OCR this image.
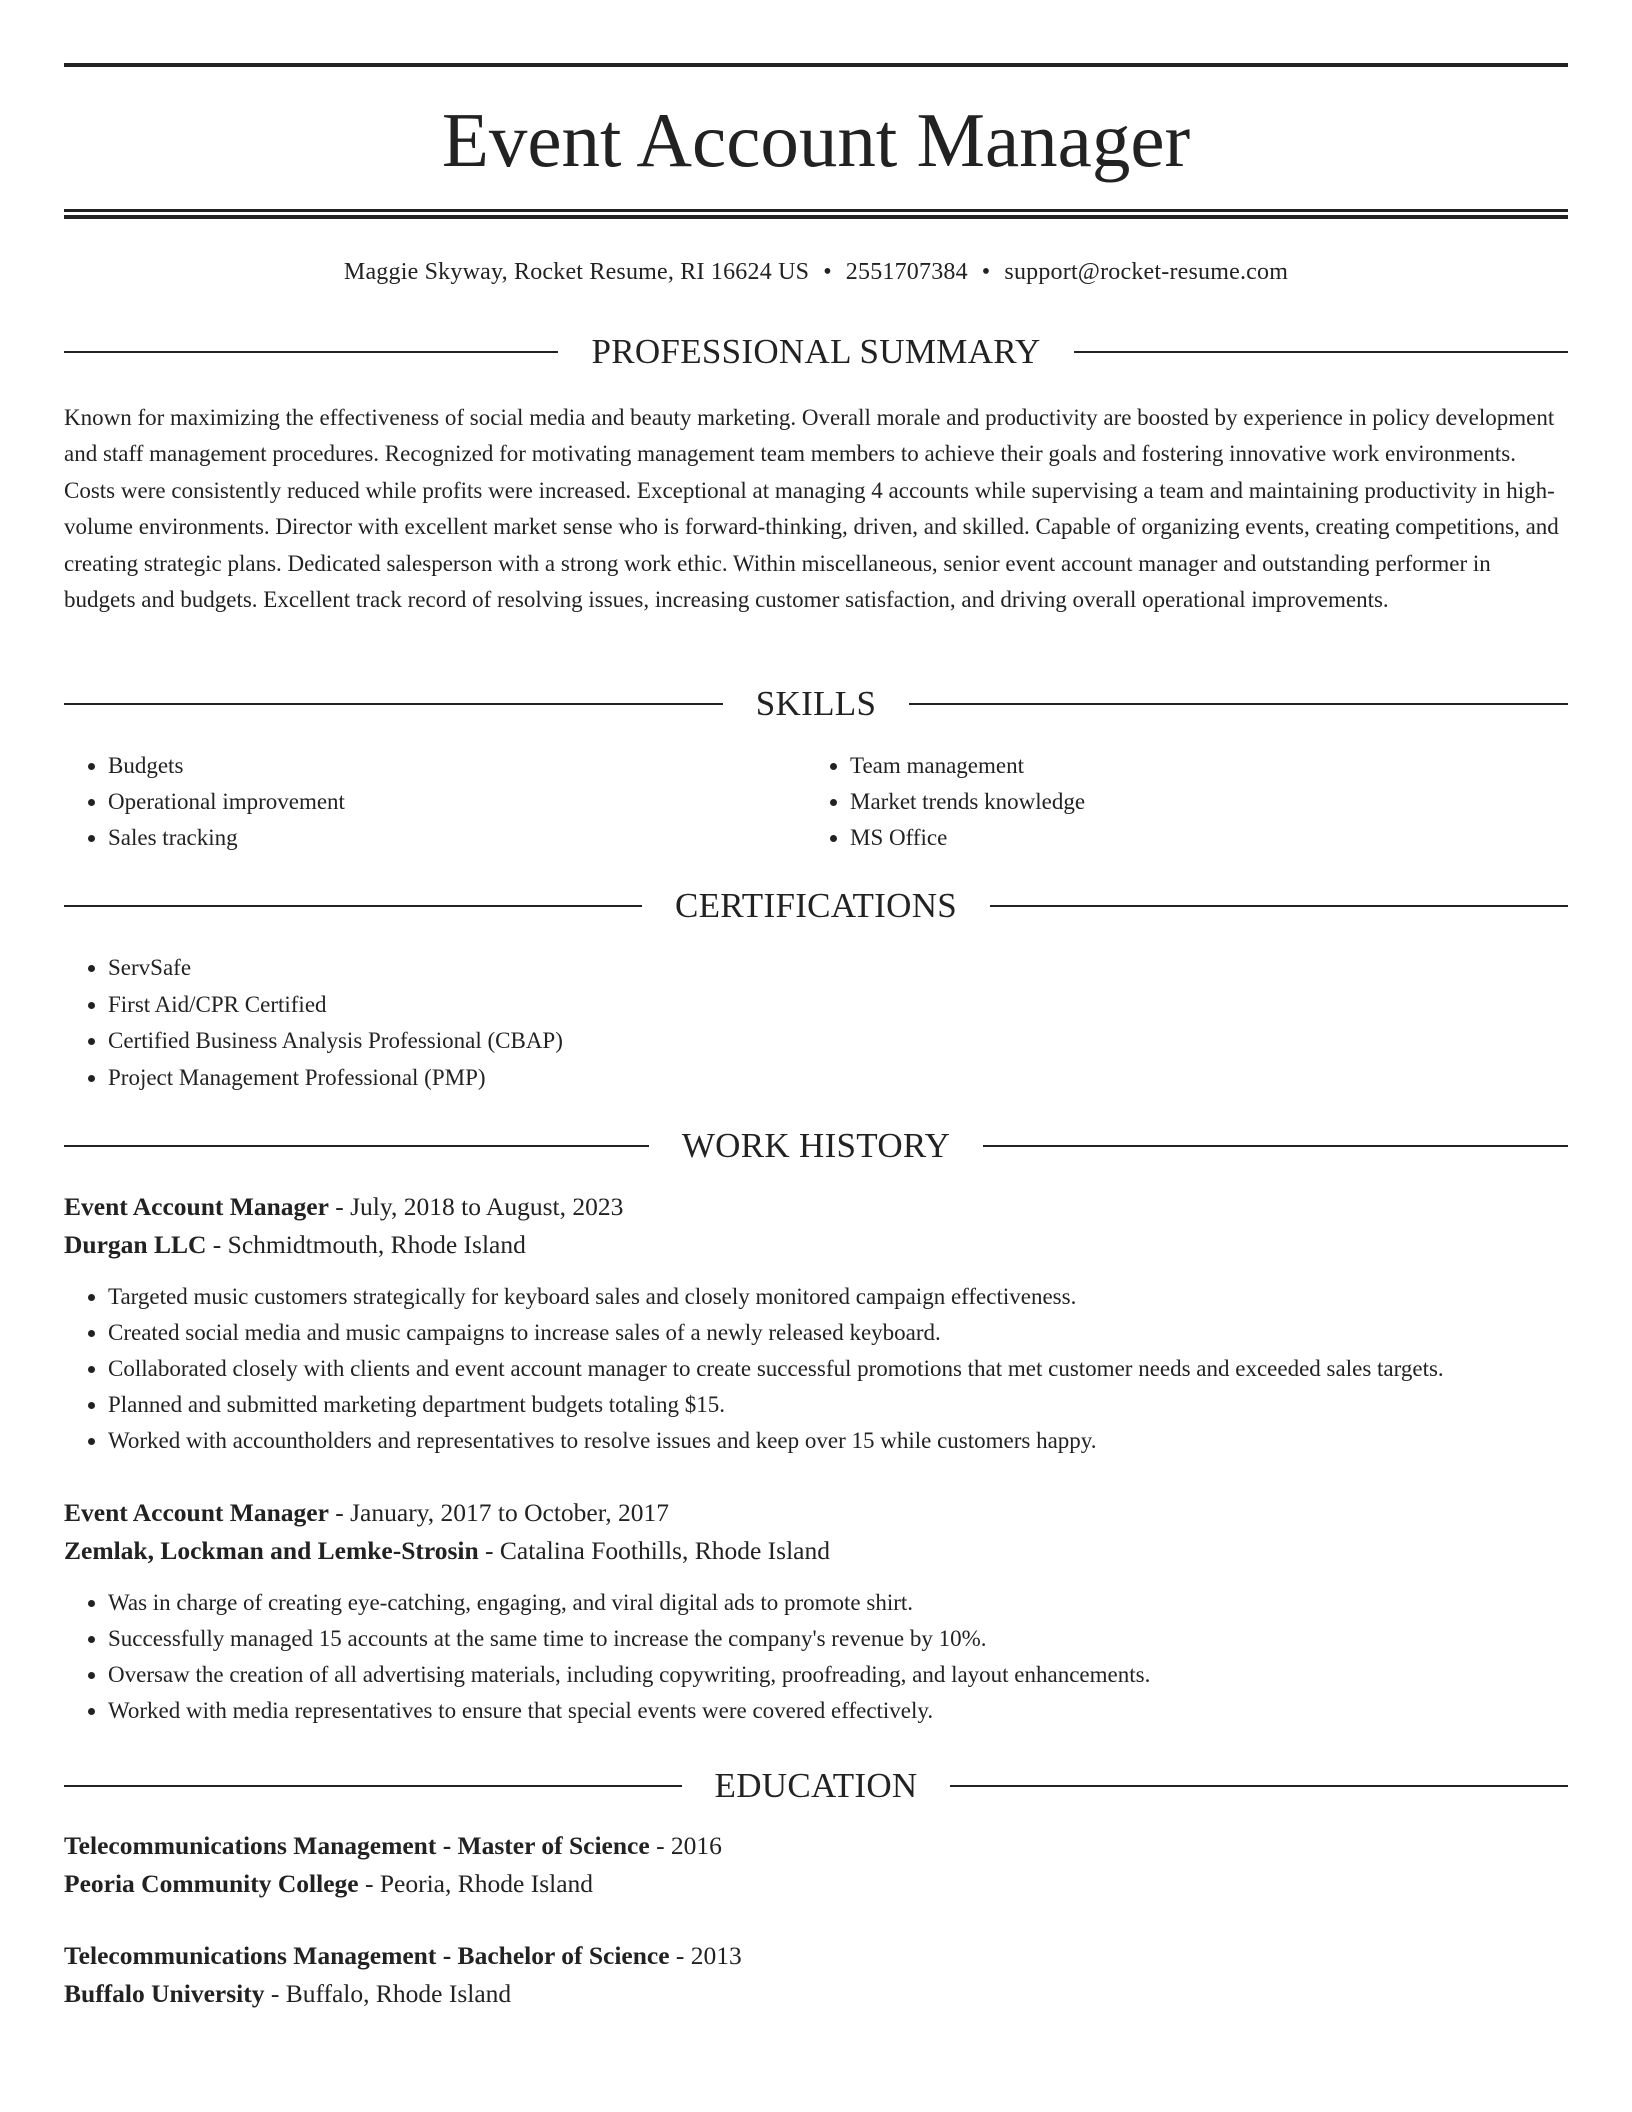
Event Account Manager
Maggie Skyway, Rocket Resume, RI 16624 US • 2551707384 • support@rocket-resume.com
PROFESSIONAL SUMMARY

Known for maximizing the effectiveness of social media and beauty marketing. Overall morale and productivity are boosted by experience in policy development and staff management procedures. Recognized for motivating management team members to achieve their goals and fostering innovative work environments. Costs were consistently reduced while profits were increased. Exceptional at managing 4 accounts while supervising a team and maintaining productivity in high-volume environments. Director with excellent market sense who is forward-thinking, driven, and skilled. Capable of organizing events, creating competitions, and creating strategic plans. Dedicated salesperson with a strong work ethic. Within miscellaneous, senior event account manager and outstanding performer in budgets and budgets. Excellent track record of resolving issues, increasing customer satisfaction, and driving overall operational improvements.

SKILLS
• Budgets
• Operational improvement
• Sales tracking
• Team management
• Market trends knowledge
• MS Office
CERTIFICATIONS
• ServSafe
• First Aid/CPR Certified
• Certified Business Analysis Professional (CBAP)
• Project Management Professional (PMP)
WORK HISTORY
Event Account Manager - July, 2018 to August, 2023
Durgan LLC - Schmidtmouth, Rhode Island
• Targeted music customers strategically for keyboard sales and closely monitored campaign effectiveness.
• Created social media and music campaigns to increase sales of a newly released keyboard.
• Collaborated closely with clients and event account manager to create successful promotions that met customer needs and exceeded sales targets.
• Planned and submitted marketing department budgets totaling $15.
• Worked with accountholders and representatives to resolve issues and keep over 15 while customers happy.
Event Account Manager - January, 2017 to October, 2017
Zemlak, Lockman and Lemke-Strosin - Catalina Foothills, Rhode Island
• Was in charge of creating eye-catching, engaging, and viral digital ads to promote shirt.
• Successfully managed 15 accounts at the same time to increase the company's revenue by 10%.
• Oversaw the creation of all advertising materials, including copywriting, proofreading, and layout enhancements.
• Worked with media representatives to ensure that special events were covered effectively.
EDUCATION
Telecommunications Management - Master of Science - 2016
Peoria Community College - Peoria, Rhode Island
Telecommunications Management - Bachelor of Science - 2013
Buffalo University - Buffalo, Rhode Island
